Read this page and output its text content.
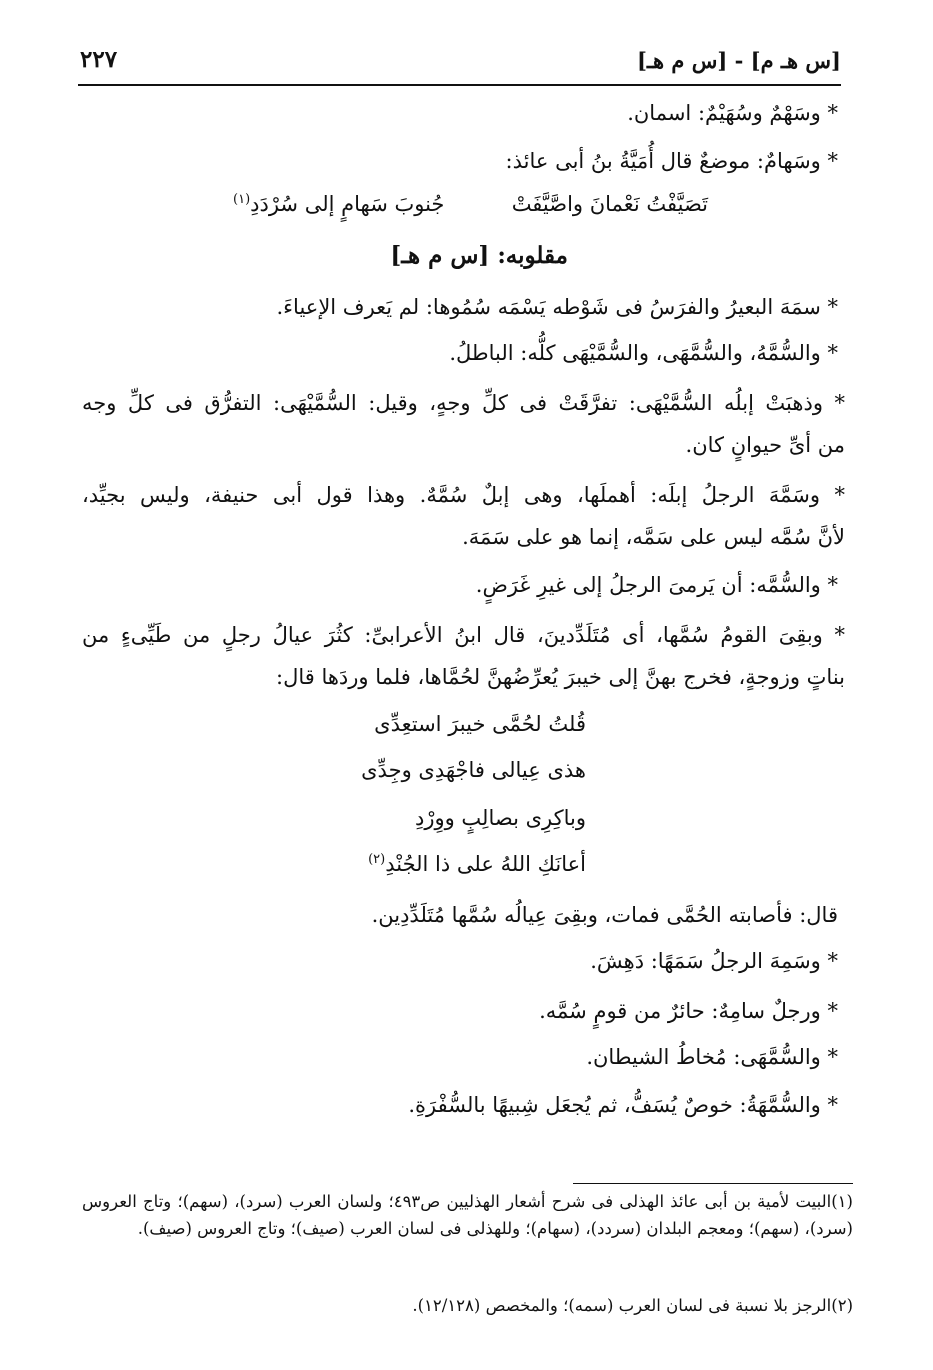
٢٢٧	[س هـ م] - [س م هـ]
* وسَهْمٌ وسُهَيْمٌ: اسمان.
* وسَهامٌ: موضعٌ قال أُمَيَّةُ بنُ أبى عائذ:
تَصَيَّفْتُ نَعْمانَ واصَّيَّفَتْ
جُنوبَ سَهامٍ إلى سُرْدَدِ$^{(١)}$
مقلوبه: [س م هـ]
* سمَهَ البعيرُ والفرَسُ فى شَوْطه يَسْمَه سُمُوها: لم يَعرف الإعياءَ.
* والسُّمَّهُ، والسُّمَّهَى، والسُّمَّيْهَى كلُّه: الباطلُ.
* وذهبَتْ إبلُه السُّمَّيْهَى: تفرَّقَتْ فى كلِّ وجهٍ، وقيل: السُّمَّيْهَى: التفرُّق فى كلِّ وجه
من أىِّ حيوانٍ كان.
* وسَمَّهَ الرجلُ إبلَه: أهملَها، وهى إبلٌ سُمَّهٌ. وهذا قول أبى حنيفة، وليس بجيِّد،
لأنَّ سُمَّه ليس على سَمَّه، إنما هو على سَمَهَ.
* والسُّمَّه: أن يَرمىَ الرجلُ إلى غيرِ غَرَضٍ.
* وبقِىَ القومُ سُمَّها، أى مُتَلَدِّدينَ، قال ابنُ الأعرابىِّ: كثُرَ عيالُ رجلٍ من طَيِّىءٍ من
بناتٍ وزوجةٍ، فخرج بهنَّ إلى خيبرَ يُعرِّضُهنَّ لحُمَّاها، فلما وردَها قال:
قُلتُ لحُمَّى خيبرَ استعِدِّى
هذى عِيالى فاجْهَدِى وجِدِّى
وباكِرِى بصالِبٍ ووِرْدِ
أعانَكِ اللهُ على ذا الجُنْدِ$^{(٢)}$
قال: فأصابته الحُمَّى فمات، وبقِىَ عِيالُه سُمَّها مُتَلَدِّدِين.
* وسَمِهَ الرجلُ سَمَهًا: دَهِشَ.
* ورجلٌ سامِهٌ: حائرٌ من قومٍ سُمَّه.
* والسُّمَّهَى: مُخاطُ الشيطان.
* والسُّمَّهَةُ: خوصٌ يُسَفُّ، ثم يُجعَل شِبيهًا بالسُّفْرَةِ.
(١)البيت لأمية بن أبى عائذ الهذلى فى شرح أشعار الهذليين ص٤٩٣؛ ولسان العرب (سرد)، (سهم)؛ وتاج العروس (سرد)، (سهم)؛ ومعجم البلدان (سردد)، (سهام)؛ وللهذلى فى لسان العرب (صيف)؛ وتاج العروس (صيف).
(٢)الرجز بلا نسبة فى لسان العرب (سمه)؛ والمخصص (١٢/١٢٨).
